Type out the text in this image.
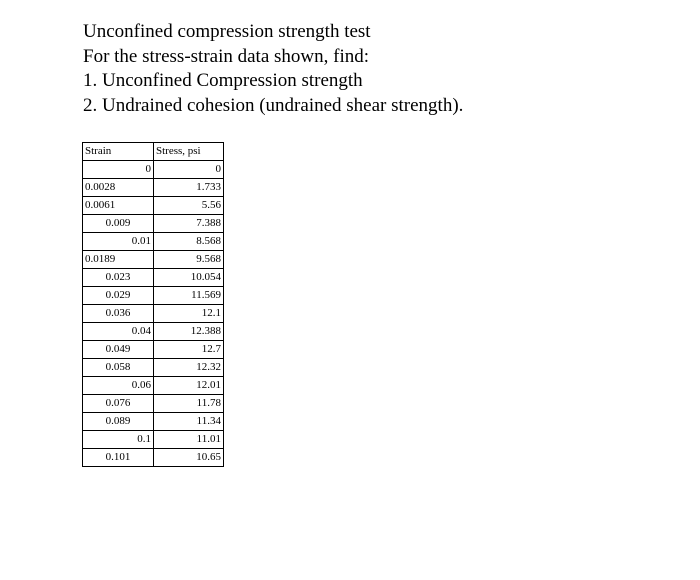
Unconfined compression strength test
For the stress-strain data shown, find:
1. Unconfined Compression strength
2. Undrained cohesion (undrained shear strength).
Strain	Stress, psi
0	0
0.0028	1.733
0.0061	5.56
0.009	7.388
0.01	8.568
0.0189	9.568
0.023	10.054
0.029	11.569
0.036	12.1
0.04	12.388
0.049	12.7
0.058	12.32
0.06	12.01
0.076	11.78
0.089	11.34
0.1	11.01
0.101	10.65
